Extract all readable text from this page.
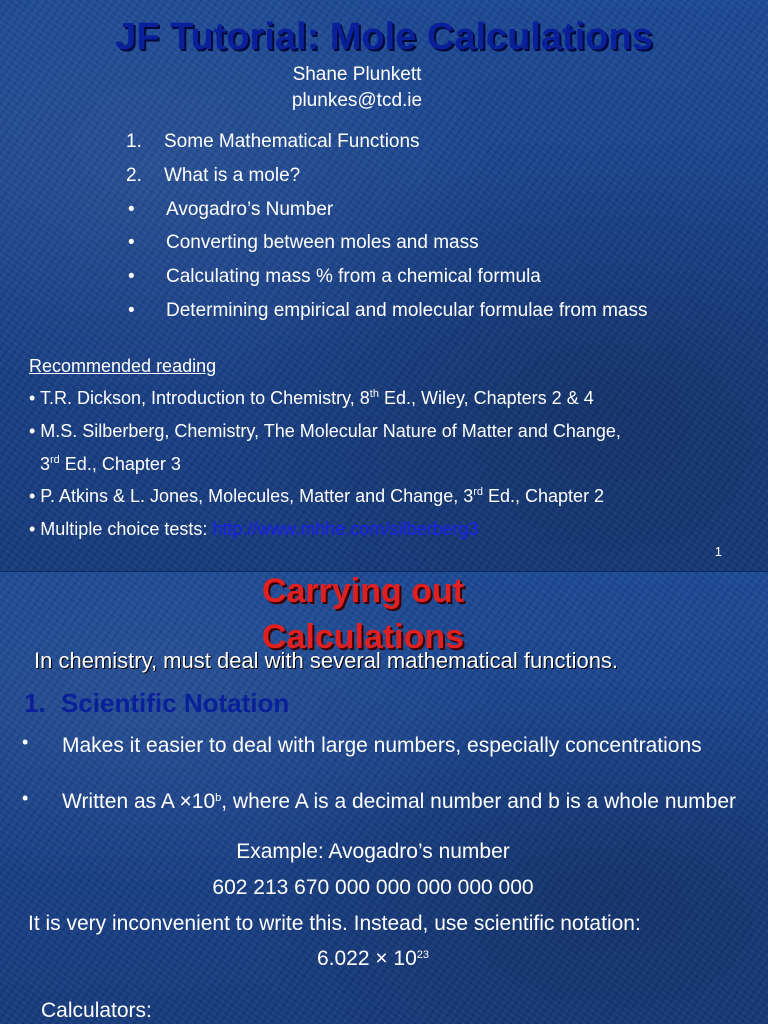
JF Tutorial: Mole Calculations
Shane Plunkett
plunkes@tcd.ie
1. Some Mathematical Functions
2. What is a mole?
• Avogadro’s Number
• Converting between moles and mass
• Calculating mass % from a chemical formula
• Determining empirical and molecular formulae from mass
Recommended reading
• T.R. Dickson, Introduction to Chemistry, 8th Ed., Wiley, Chapters 2 & 4
• M.S. Silberberg, Chemistry, The Molecular Nature of Matter and Change,
3rd Ed., Chapter 3
• P. Atkins & L. Jones, Molecules, Matter and Change, 3rd Ed., Chapter 2
• Multiple choice tests: http://www.mhhe.com/silberberg3
1
Carrying out
Calculations
In chemistry, must deal with several mathematical functions.
1. Scientific Notation
• Makes it easier to deal with large numbers, especially concentrations
• Written as $A \times 10^b$, where A is a decimal number and b is a whole number
Example: Avogadro’s number
602 213 670 000 000 000 000 000
It is very inconvenient to write this. Instead, use scientific notation:
$6.022 \times 10^{23}$
Calculators:
